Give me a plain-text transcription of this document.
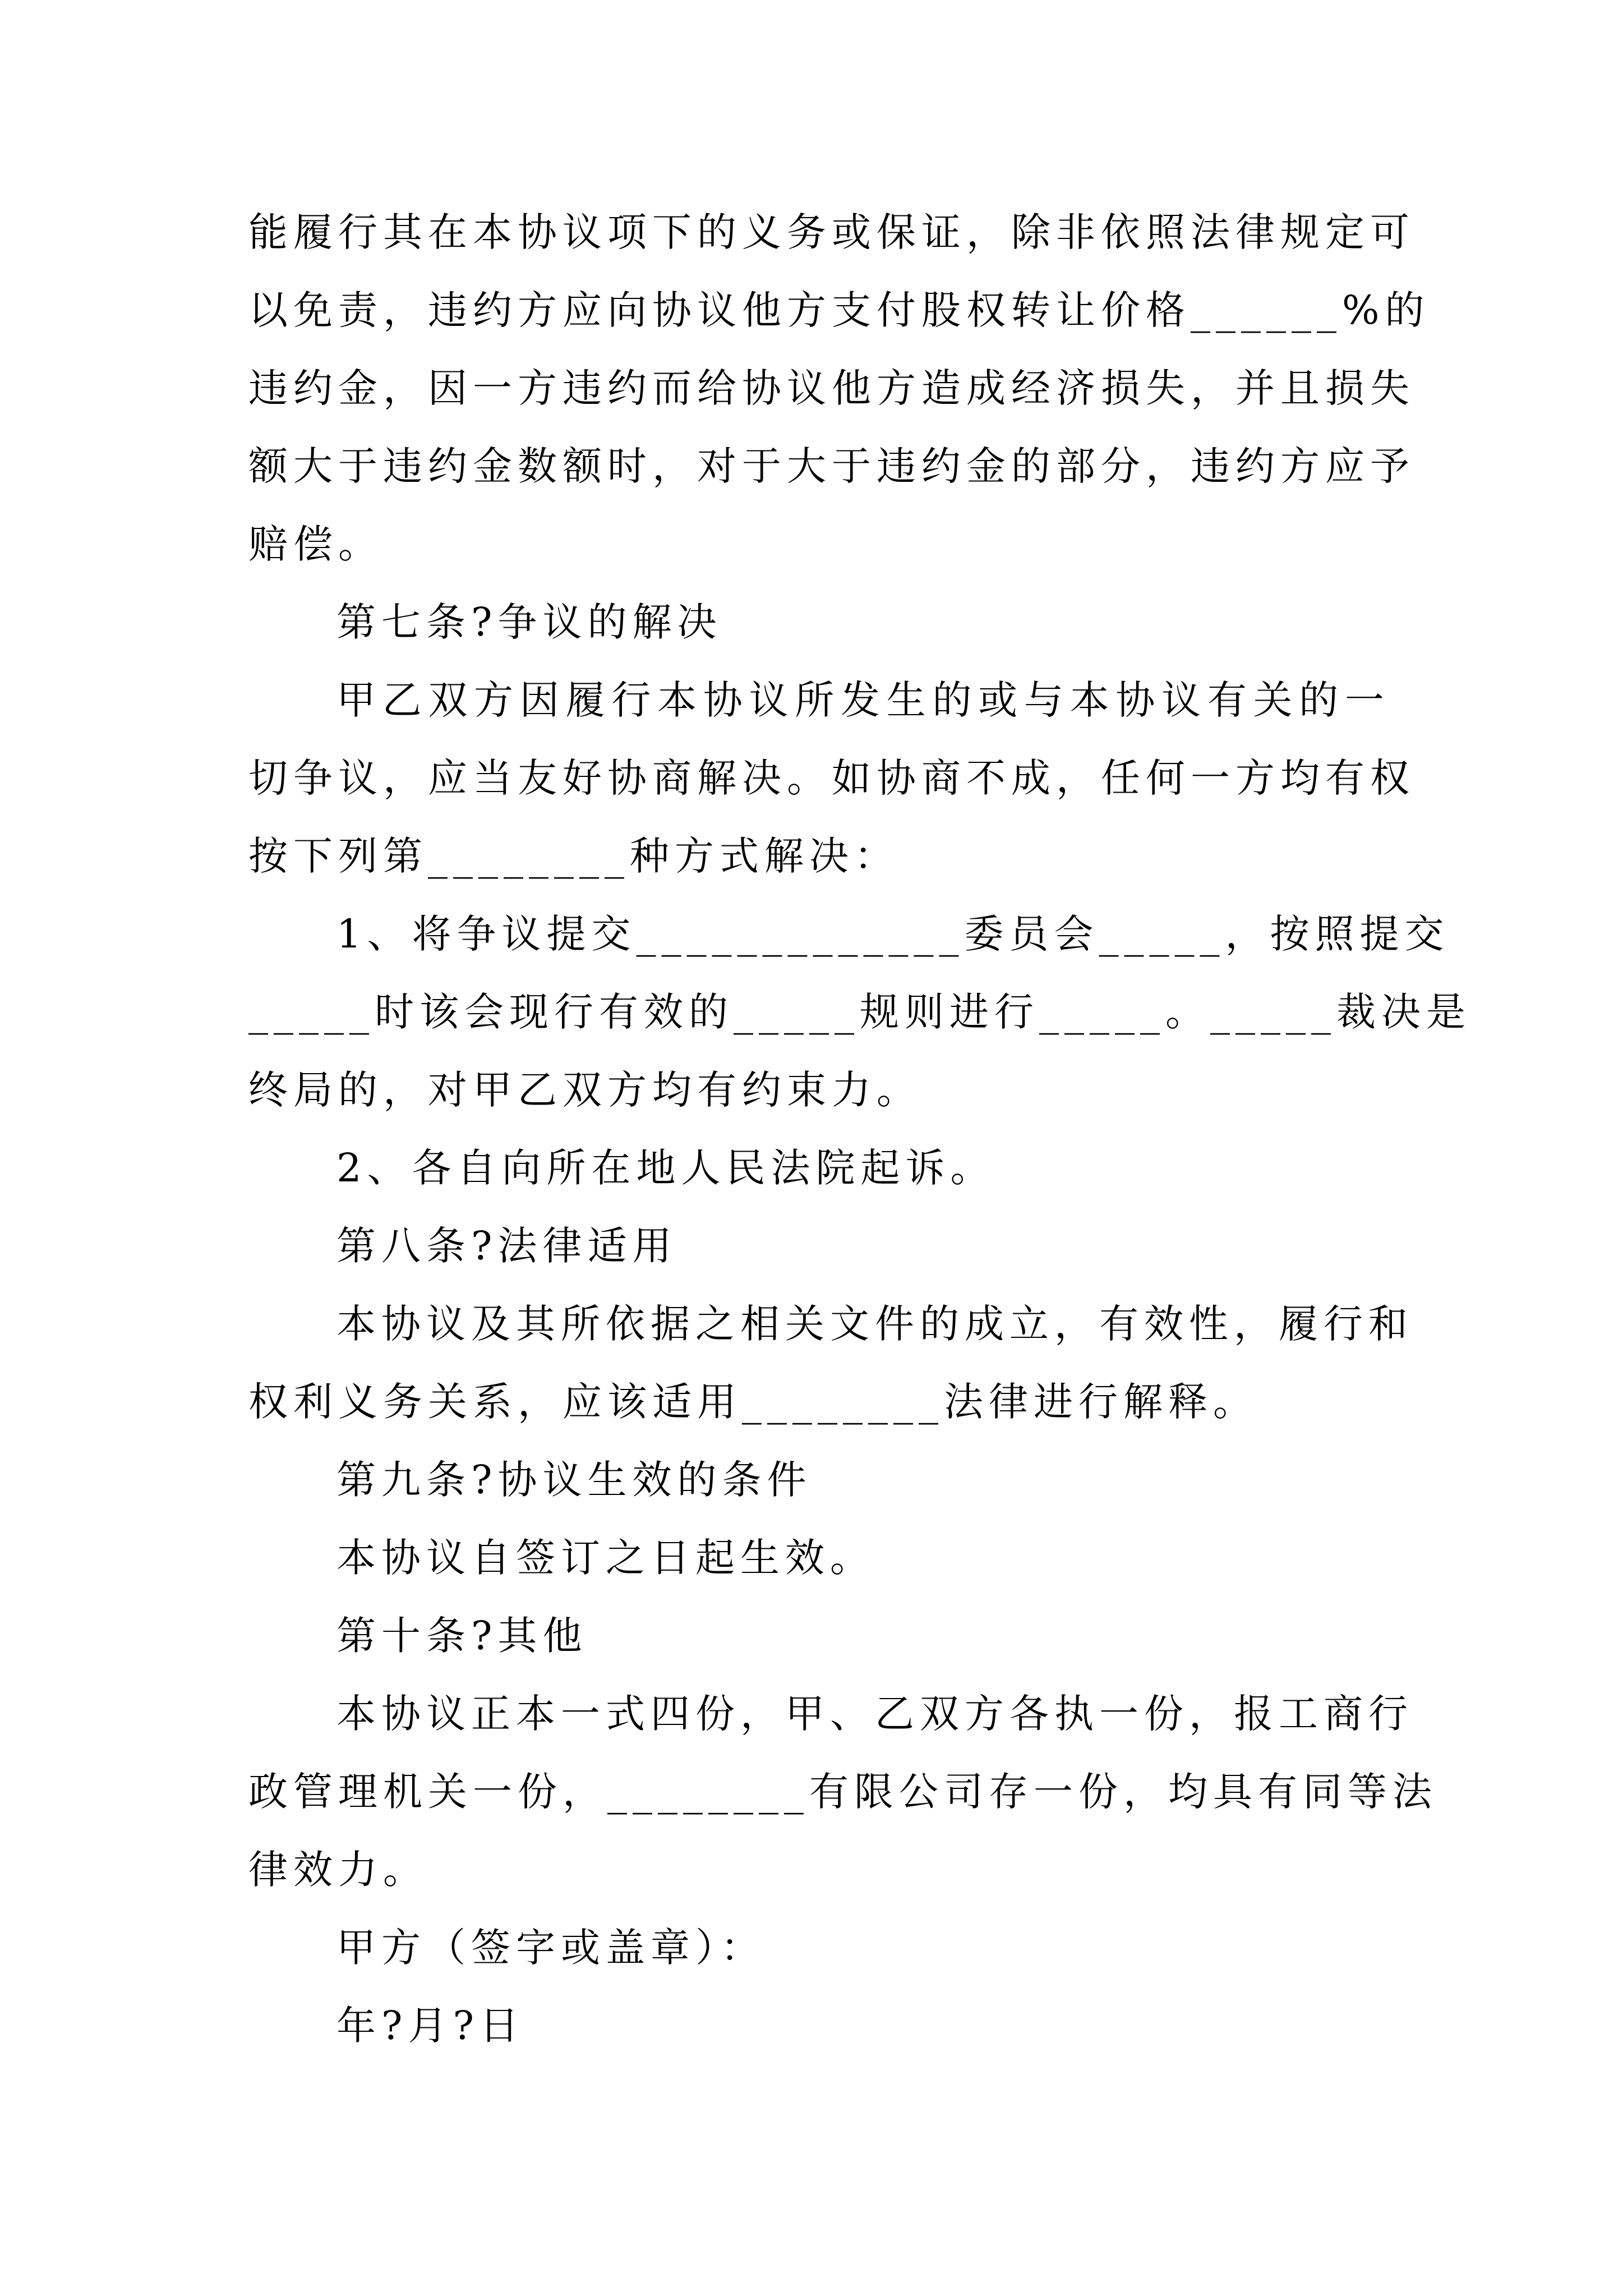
能履行其在本协议项下的义务或保证，除非依照法律规定可
以免责，违约方应向协议他方支付股权转让价格______%的
违约金，因一方违约而给协议他方造成经济损失，并且损失
额大于违约金数额时，对于大于违约金的部分，违约方应予
赔偿。
第七条?争议的解决
甲乙双方因履行本协议所发生的或与本协议有关的一
切争议，应当友好协商解决。如协商不成，任何一方均有权
按下列第________种方式解决：
1、将争议提交_____________委员会_____，按照提交
_____时该会现行有效的_____规则进行_____。_____裁决是
终局的，对甲乙双方均有约束力。
2、各自向所在地人民法院起诉。
第八条?法律适用
本协议及其所依据之相关文件的成立，有效性，履行和
权利义务关系，应该适用________法律进行解释。
第九条?协议生效的条件
本协议自签订之日起生效。
第十条?其他
本协议正本一式四份，甲、乙双方各执一份，报工商行
政管理机关一份，________有限公司存一份，均具有同等法
律效力。
甲方（签字或盖章）：
年?月?日
